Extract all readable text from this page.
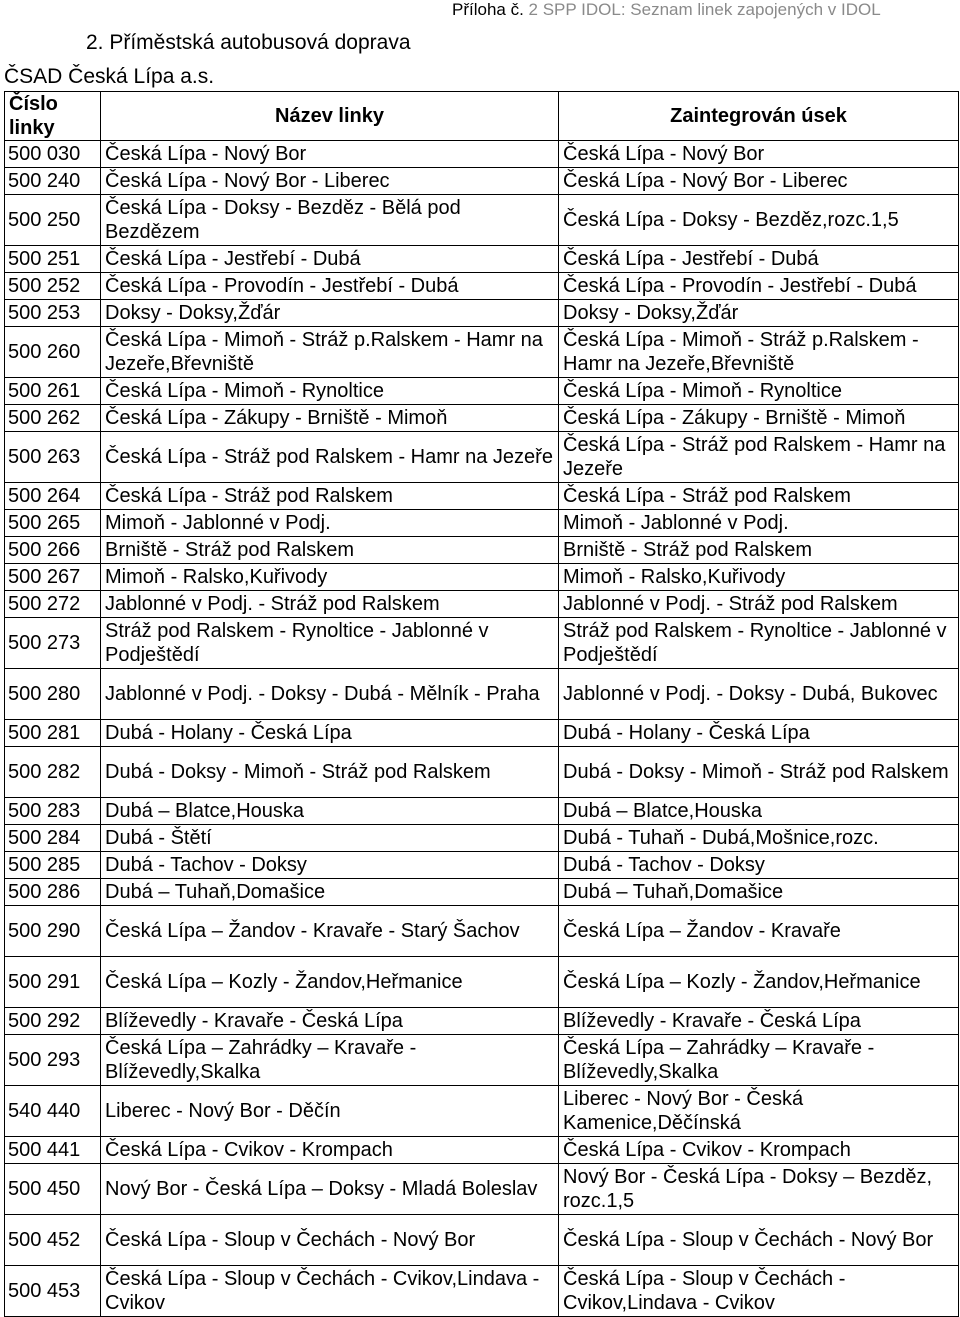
Příloha č. 2 SPP IDOL: Seznam linek zapojených v IDOL
2. Příměstská autobusová doprava
ČSAD Česká Lípa a.s.
Číslo linky	Název linky	Zaintegrován úsek
500 030	Česká Lípa - Nový Bor	Česká Lípa - Nový Bor
500 240	Česká Lípa - Nový Bor - Liberec	Česká Lípa - Nový Bor - Liberec
500 250	Česká Lípa - Doksy - Bezděz - Bělá pod Bezdězem	Česká Lípa - Doksy - Bezděz,rozc.1,5
500 251	Česká Lípa - Jestřebí - Dubá	Česká Lípa - Jestřebí - Dubá
500 252	Česká Lípa - Provodín - Jestřebí - Dubá	Česká Lípa - Provodín - Jestřebí - Dubá
500 253	Doksy - Doksy,Žďár	Doksy - Doksy,Žďár
500 260	Česká Lípa - Mimoň - Stráž p.Ralskem - Hamr na Jezeře,Břevniště	Česká Lípa - Mimoň - Stráž p.Ralskem - Hamr na Jezeře,Břevniště
500 261	Česká Lípa - Mimoň - Rynoltice	Česká Lípa - Mimoň - Rynoltice
500 262	Česká Lípa - Zákupy - Brniště - Mimoň	Česká Lípa - Zákupy - Brniště - Mimoň
500 263	Česká Lípa - Stráž pod Ralskem - Hamr na Jezeře	Česká Lípa - Stráž pod Ralskem - Hamr na Jezeře
500 264	Česká Lípa - Stráž pod Ralskem	Česká Lípa - Stráž pod Ralskem
500 265	Mimoň - Jablonné v Podj.	Mimoň - Jablonné v Podj.
500 266	Brniště - Stráž pod Ralskem	Brniště - Stráž pod Ralskem
500 267	Mimoň - Ralsko,Kuřivody	Mimoň - Ralsko,Kuřivody
500 272	Jablonné v Podj. - Stráž pod Ralskem	Jablonné v Podj. - Stráž pod Ralskem
500 273	Stráž pod Ralskem - Rynoltice - Jablonné v Podještědí	Stráž pod Ralskem - Rynoltice - Jablonné v Podještědí
500 280	Jablonné v Podj. - Doksy - Dubá - Mělník - Praha	Jablonné v Podj. - Doksy - Dubá, Bukovec
500 281	Dubá - Holany - Česká Lípa	Dubá - Holany - Česká Lípa
500 282	Dubá - Doksy - Mimoň - Stráž pod Ralskem	Dubá - Doksy - Mimoň - Stráž pod Ralskem
500 283	Dubá – Blatce,Houska	Dubá – Blatce,Houska
500 284	Dubá - Štětí	Dubá - Tuhaň - Dubá,Mošnice,rozc.
500 285	Dubá - Tachov - Doksy	Dubá - Tachov - Doksy
500 286	Dubá – Tuhaň,Domašice	Dubá – Tuhaň,Domašice
500 290	Česká Lípa – Žandov - Kravaře - Starý Šachov	Česká Lípa – Žandov - Kravaře
500 291	Česká Lípa – Kozly - Žandov,Heřmanice	Česká Lípa – Kozly - Žandov,Heřmanice
500 292	Blíževedly - Kravaře - Česká Lípa	Blíževedly - Kravaře - Česká Lípa
500 293	Česká Lípa – Zahrádky – Kravaře - Blíževedly,Skalka	Česká Lípa – Zahrádky – Kravaře - Blíževedly,Skalka
540 440	Liberec - Nový Bor - Děčín	Liberec - Nový Bor - Česká Kamenice,Děčínská
500 441	Česká Lípa - Cvikov - Krompach	Česká Lípa - Cvikov - Krompach
500 450	Nový Bor - Česká Lípa – Doksy - Mladá Boleslav	Nový Bor - Česká Lípa - Doksy – Bezděz, rozc.1,5
500 452	Česká Lípa - Sloup v Čechách - Nový Bor	Česká Lípa - Sloup v Čechách - Nový Bor
500 453	Česká Lípa - Sloup v Čechách - Cvikov,Lindava - Cvikov	Česká Lípa - Sloup v Čechách - Cvikov,Lindava - Cvikov
